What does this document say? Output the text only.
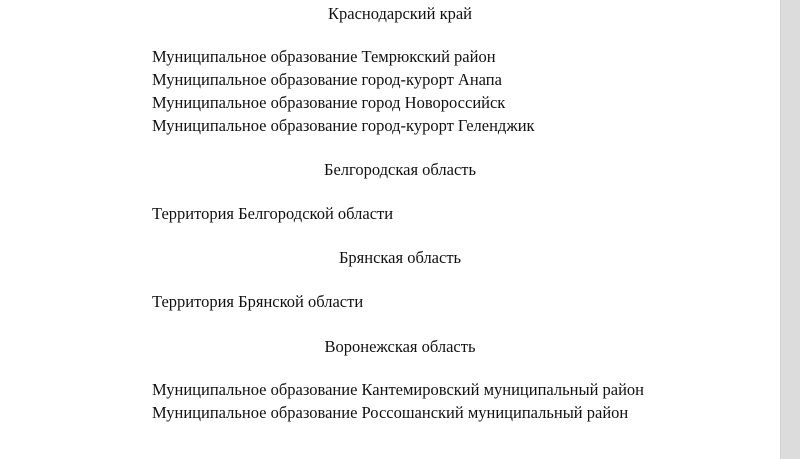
Краснодарский край
Муниципальное образование Темрюкский район
Муниципальное образование город-курорт Анапа
Муниципальное образование город Новороссийск
Муниципальное образование город-курорт Геленджик
Белгородская область
Территория Белгородской области
Брянская область
Территория Брянской области
Воронежская область
Муниципальное образование Кантемировский муниципальный район
Муниципальное образование Россошанский муниципальный район
